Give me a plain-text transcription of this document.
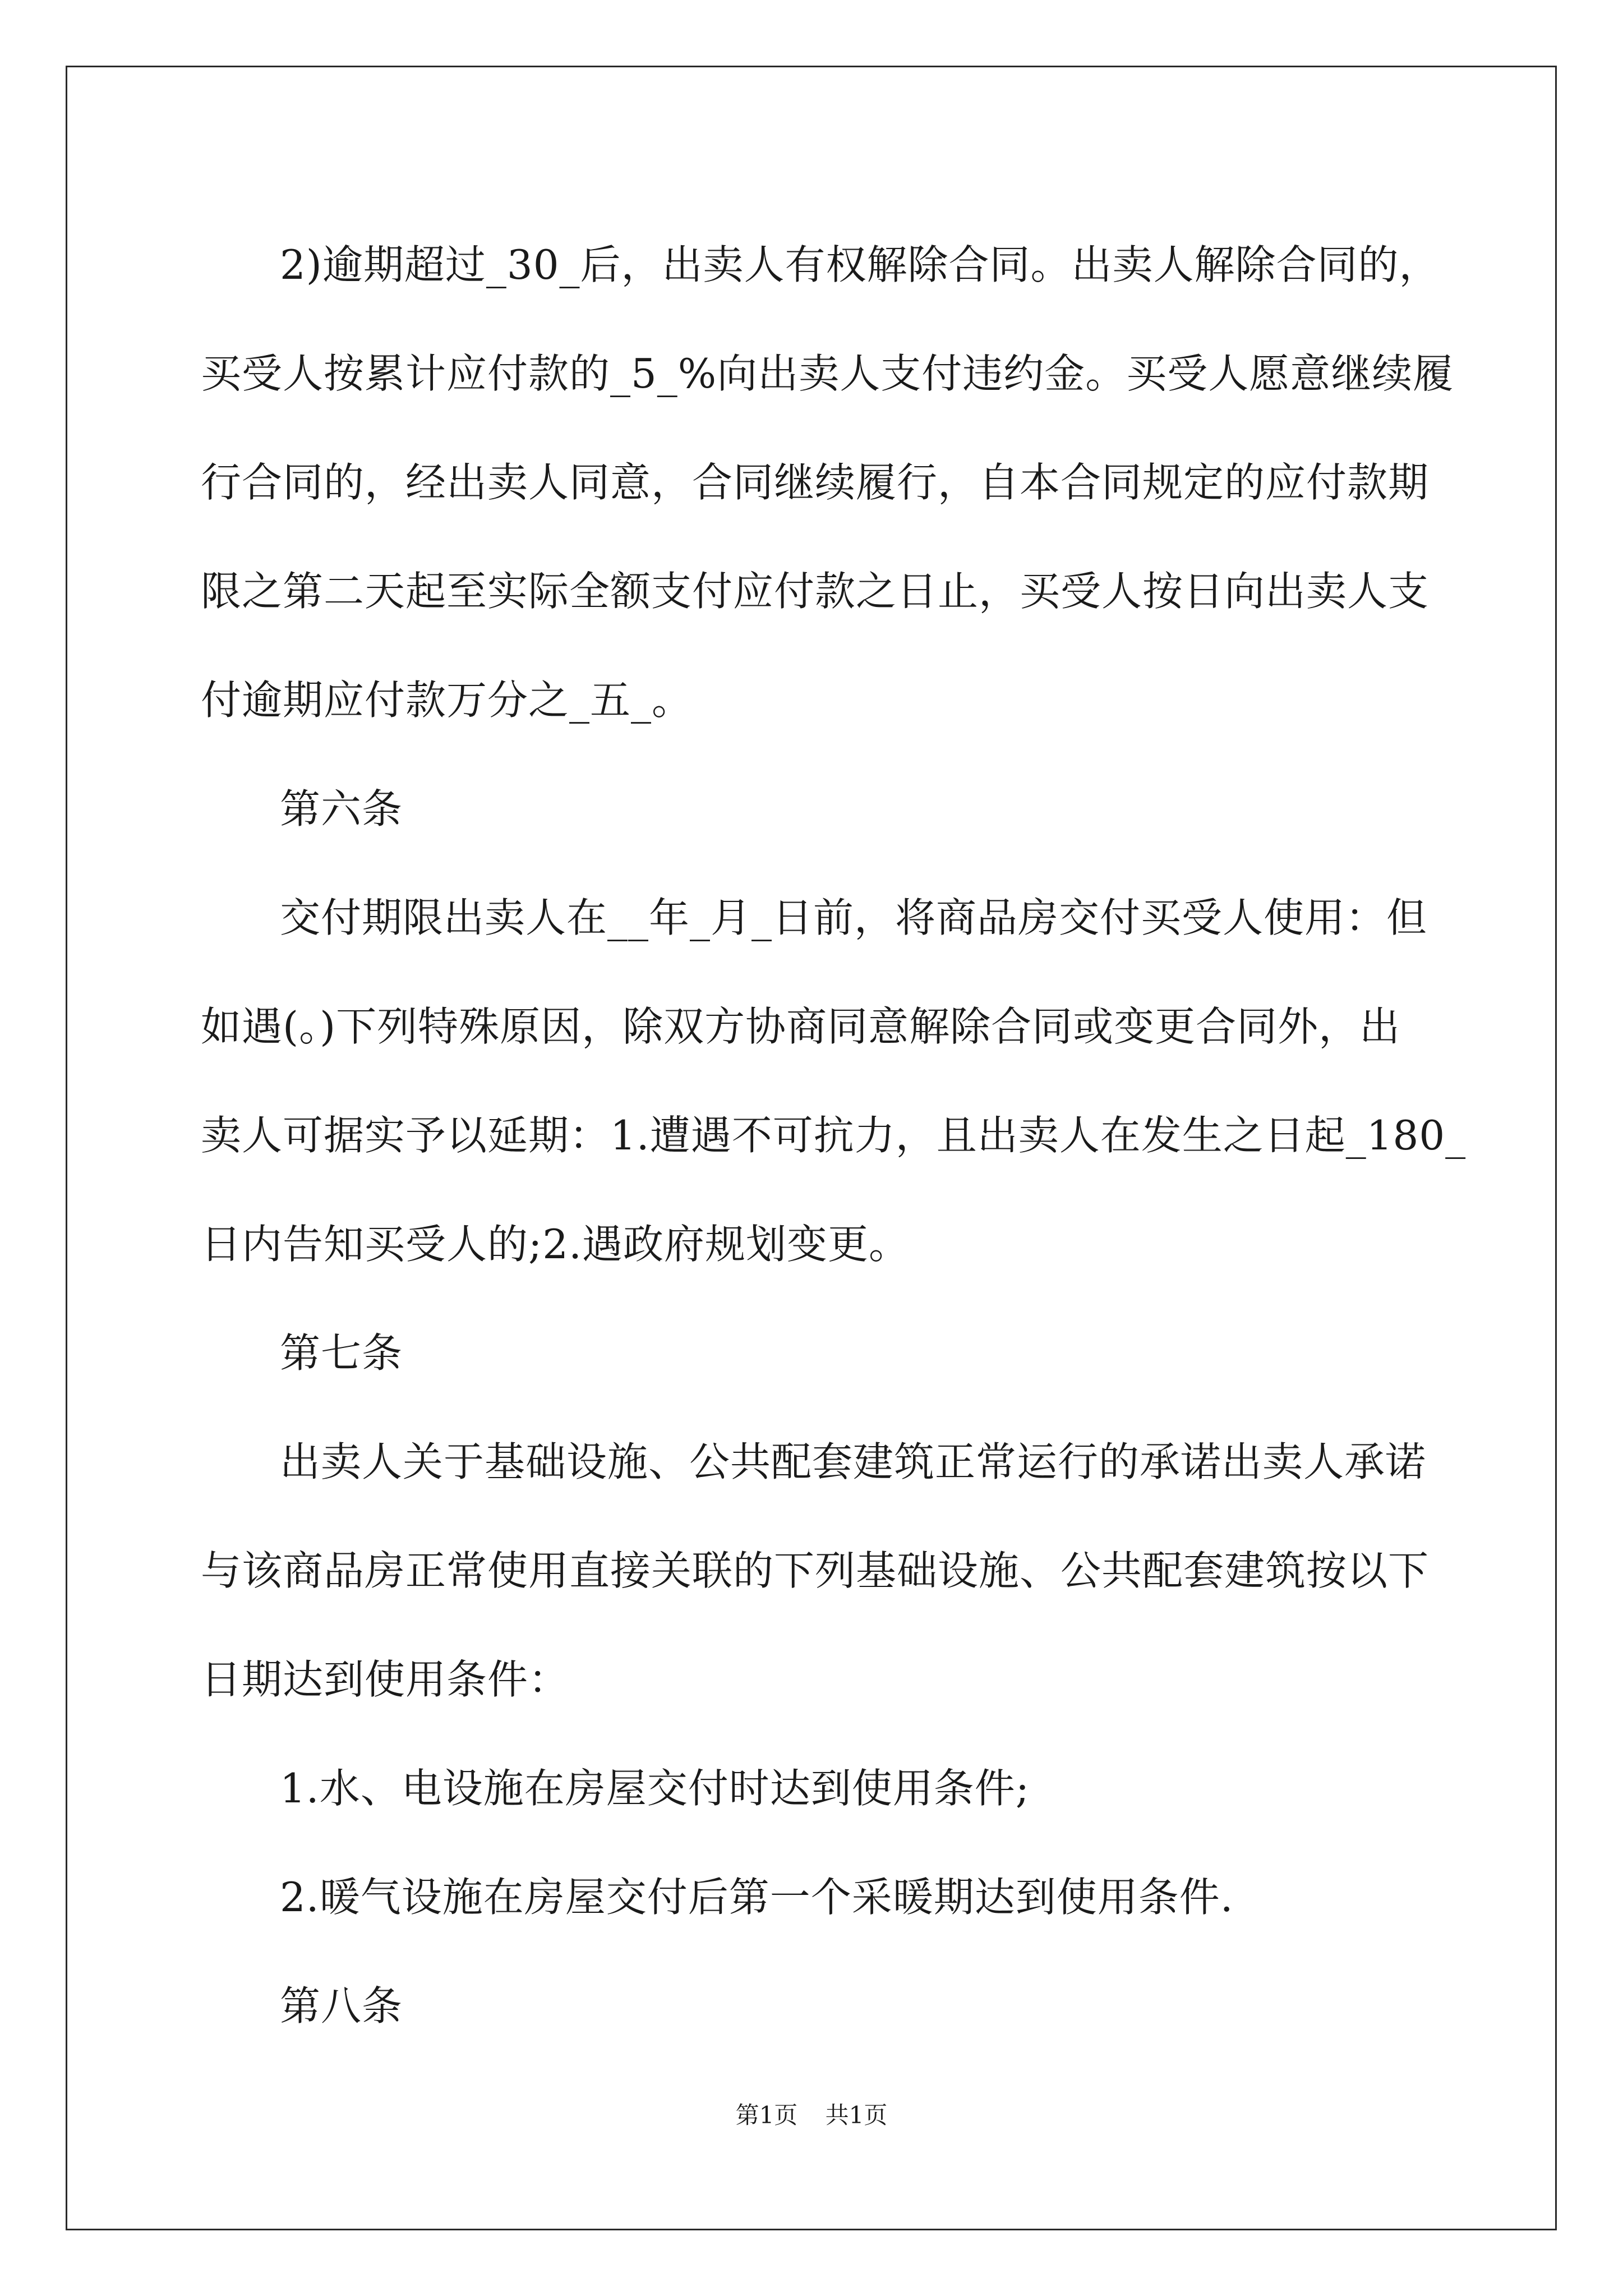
2)逾期超过_30_后，出卖人有权解除合同。出卖人解除合同的，
买受人按累计应付款的_5_%向出卖人支付违约金。买受人愿意继续履
行合同的，经出卖人同意，合同继续履行，自本合同规定的应付款期
限之第二天起至实际全额支付应付款之日止，买受人按日向出卖人支
付逾期应付款万分之_五_。

第六条

交付期限出卖人在__年_月_日前，将商品房交付买受人使用：但
如遇(。)下列特殊原因，除双方协商同意解除合同或变更合同外，出
卖人可据实予以延期：1.遭遇不可抗力，且出卖人在发生之日起_180_
日内告知买受人的;2.遇政府规划变更。

第七条

出卖人关于基础设施、公共配套建筑正常运行的承诺出卖人承诺
与该商品房正常使用直接关联的下列基础设施、公共配套建筑按以下
日期达到使用条件：

1.水、电设施在房屋交付时达到使用条件;

2.暖气设施在房屋交付后第一个采暖期达到使用条件.

第八条

第1页 共1页
